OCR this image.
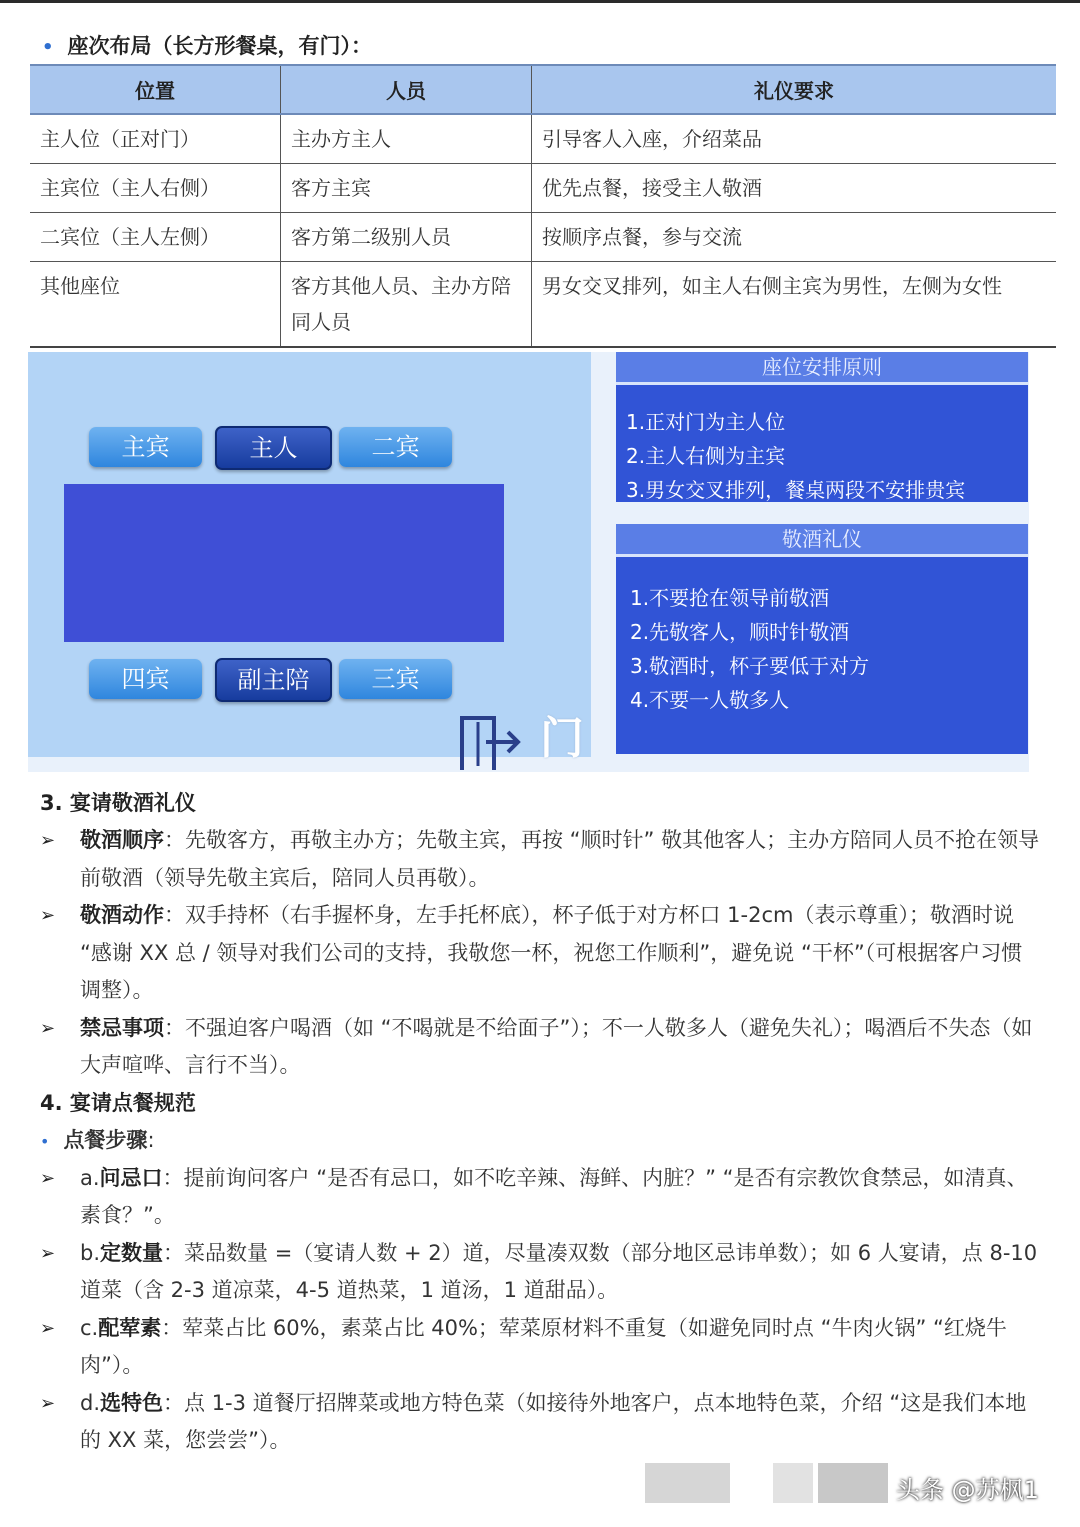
• 座次布局（长方形餐桌，有门）：
位置	人员	礼仪要求
主人位（正对门）	主办方主人	引导客人入座，介绍菜品
主宾位（主人右侧）	客方主宾	优先点餐，接受主人敬酒
二宾位（主人左侧）	客方第二级别人员	按顺序点餐，参与交流
其他座位	客方其他人员、主办方陪同人员	男女交叉排列，如主人右侧主宾为男性，左侧为女性
主宾	主人	二宾
四宾	副主陪	三宾
门
座位安排原则
1.正对门为主人位
2.主人右侧为主宾
3.男女交叉排列，餐桌两段不安排贵宾
敬酒礼仪
1.不要抢在领导前敬酒
2.先敬客人，顺时针敬酒
3.敬酒时，杯子要低于对方
4.不要一人敬多人
3. 宴请敬酒礼仪
➢ 敬酒顺序：先敬客方，再敬主办方；先敬主宾，再按 “顺时针” 敬其他客人；主办方陪同人员不抢在领导前敬酒（领导先敬主宾后，陪同人员再敬）。
➢ 敬酒动作：双手持杯（右手握杯身，左手托杯底），杯子低于对方杯口 1-2cm（表示尊重）；敬酒时说 “感谢 XX 总 / 领导对我们公司的支持，我敬您一杯，祝您工作顺利”，避免说 “干杯”（可根据客户习惯调整）。
➢ 禁忌事项：不强迫客户喝酒（如 “不喝就是不给面子”）；不一人敬多人（避免失礼）；喝酒后不失态（如大声喧哗、言行不当）。
4. 宴请点餐规范
• 点餐步骤:
➢ a.问忌口：提前询问客户 “是否有忌口，如不吃辛辣、海鲜、内脏？” “是否有宗教饮食禁忌，如清真、素食？”。
➢ b.定数量：菜品数量 =（宴请人数 + 2）道，尽量凑双数（部分地区忌讳单数）；如 6 人宴请，点 8-10 道菜（含 2-3 道凉菜，4-5 道热菜，1 道汤，1 道甜品）。
➢ c.配荤素：荤菜占比 60%，素菜占比 40%；荤菜原材料不重复（如避免同时点 “牛肉火锅” “红烧牛肉”）。
➢ d.选特色：点 1-3 道餐厅招牌菜或地方特色菜（如接待外地客户，点本地特色菜，介绍 “这是我们本地的 XX 菜，您尝尝”）。
头条 @苏枫1
